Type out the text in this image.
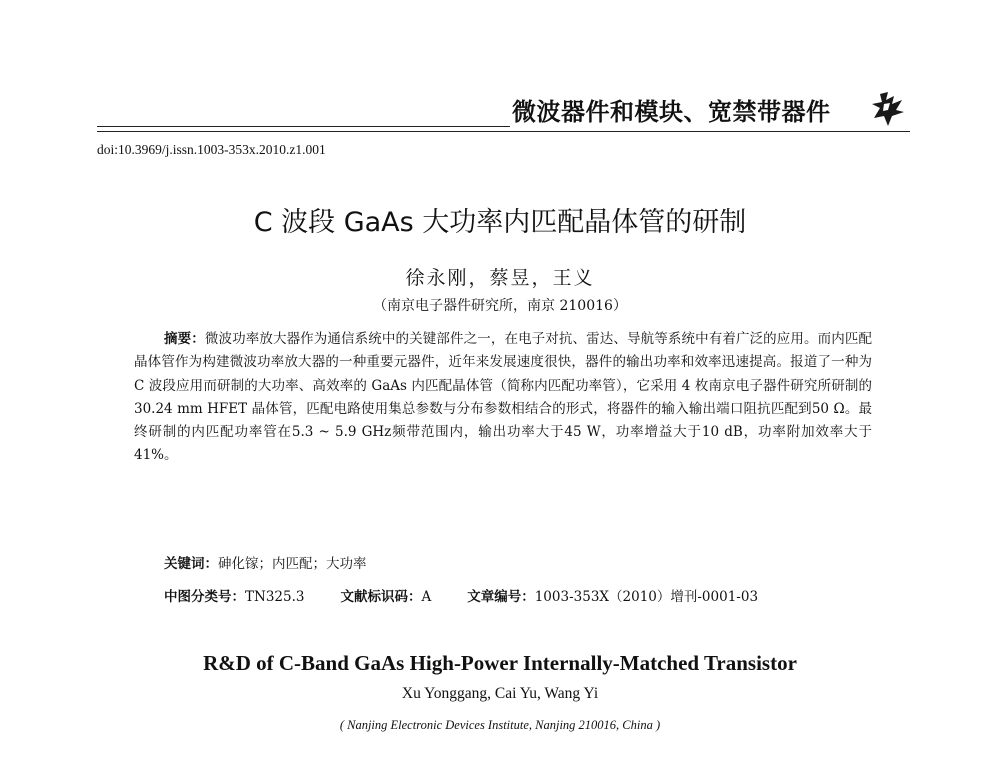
微波器件和模块、宽禁带器件
doi:10.3969/j.issn.1003-353x.2010.z1.001
C 波段 GaAs 大功率内匹配晶体管的研制
徐永刚，蔡昱，王义
（南京电子器件研究所，南京 210016）

摘要：微波功率放大器作为通信系统中的关键部件之一，在电子对抗、雷达、导航等系统中有着广泛的应用。而内匹配晶体管作为构建微波功率放大器的一种重要元器件，近年来发展速度很快，器件的输出功率和效率迅速提高。报道了一种为 C 波段应用而研制的大功率、高效率的 GaAs 内匹配晶体管（简称内匹配功率管），它采用 4 枚南京电子器件研究所研制的 30.24 mm HFET 晶体管，匹配电路使用集总参数与分布参数相结合的形式，将器件的输入输出端口阻抗匹配到50 Ω。最终研制的内匹配功率管在5.3 ~ 5.9 GHz频带范围内，输出功率大于45 W，功率增益大于10 dB，功率附加效率大于 41%。

关键词：砷化镓；内匹配；大功率
中图分类号：TN325.3	文献标识码：A	文章编号：1003-353X（2010）增刊-0001-03
R&D of C-Band GaAs High-Power Internally-Matched Transistor
Xu Yonggang, Cai Yu, Wang Yi
( Nanjing Electronic Devices Institute, Nanjing 210016, China )
